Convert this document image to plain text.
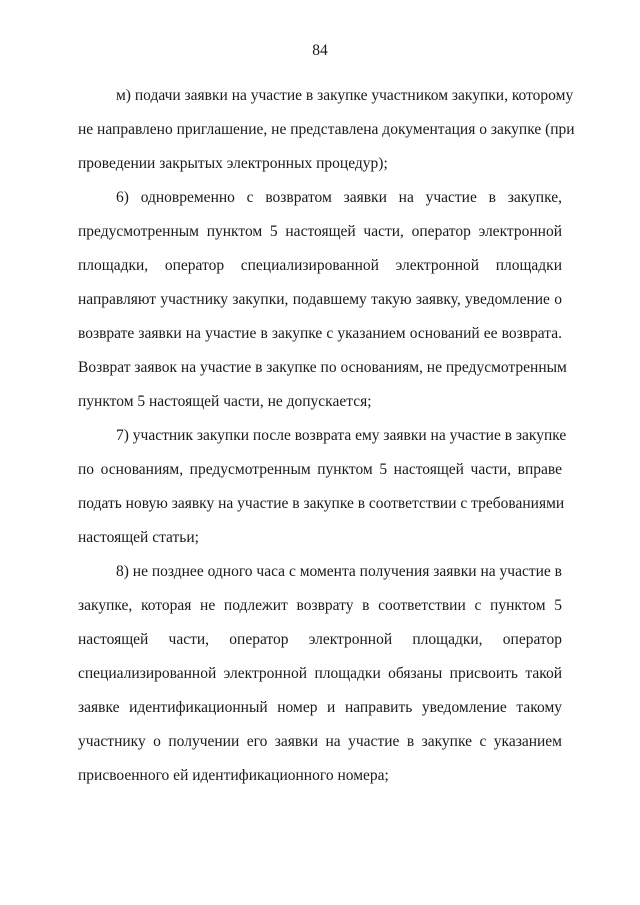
84
м) подачи заявки на участие в закупке участником закупки, которому
не направлено приглашение, не представлена документация о закупке (при
проведении закрытых электронных процедур);
6) одновременно с возвратом заявки на участие в закупке,
предусмотренным пунктом 5 настоящей части, оператор электронной
площадки, оператор специализированной электронной площадки
направляют участнику закупки, подавшему такую заявку, уведомление о
возврате заявки на участие в закупке с указанием оснований ее возврата.
Возврат заявок на участие в закупке по основаниям, не предусмотренным
пунктом 5 настоящей части, не допускается;
7) участник закупки после возврата ему заявки на участие в закупке
по основаниям, предусмотренным пунктом 5 настоящей части, вправе
подать новую заявку на участие в закупке в соответствии с требованиями
настоящей статьи;
8) не позднее одного часа с момента получения заявки на участие в
закупке, которая не подлежит возврату в соответствии с пунктом 5
настоящей части, оператор электронной площадки, оператор
специализированной электронной площадки обязаны присвоить такой
заявке идентификационный номер и направить уведомление такому
участнику о получении его заявки на участие в закупке с указанием
присвоенного ей идентификационного номера;
